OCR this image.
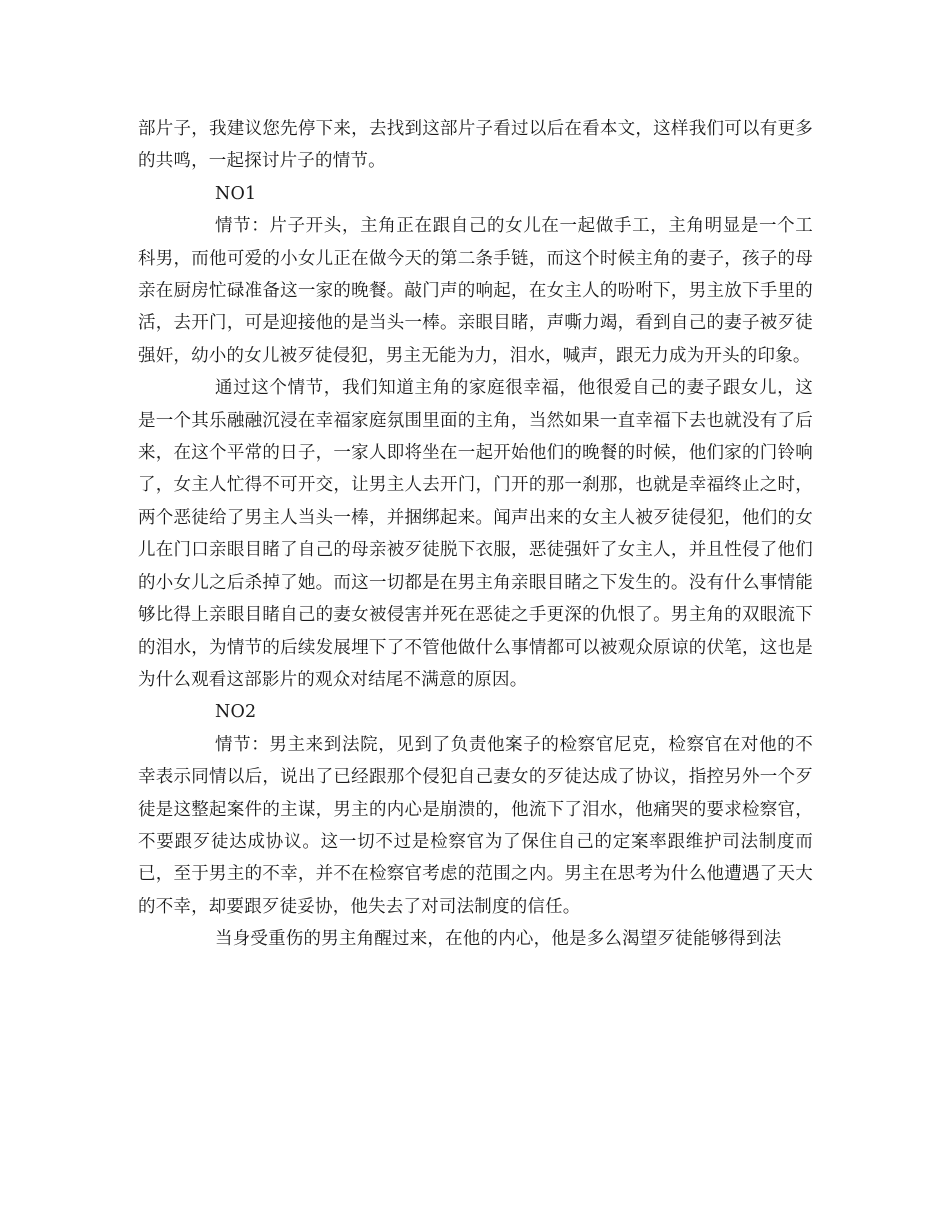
部片子，我建议您先停下来，去找到这部片子看过以后在看本文，这样我们可以有更多的共鸣，一起探讨片子的情节。

NO1

情节：片子开头，主角正在跟自己的女儿在一起做手工，主角明显是一个工科男，而他可爱的小女儿正在做今天的第二条手链，而这个时候主角的妻子，孩子的母亲在厨房忙碌准备这一家的晚餐。敲门声的响起，在女主人的吩咐下，男主放下手里的活，去开门，可是迎接他的是当头一棒。亲眼目睹，声嘶力竭，看到自己的妻子被歹徒强奸，幼小的女儿被歹徒侵犯，男主无能为力，泪水，喊声，跟无力成为开头的印象。

通过这个情节，我们知道主角的家庭很幸福，他很爱自己的妻子跟女儿，这是一个其乐融融沉浸在幸福家庭氛围里面的主角，当然如果一直幸福下去也就没有了后来，在这个平常的日子，一家人即将坐在一起开始他们的晚餐的时候，他们家的门铃响了，女主人忙得不可开交，让男主人去开门，门开的那一刹那，也就是幸福终止之时，两个恶徒给了男主人当头一棒，并捆绑起来。闻声出来的女主人被歹徒侵犯，他们的女儿在门口亲眼目睹了自己的母亲被歹徒脱下衣服，恶徒强奸了女主人，并且性侵了他们的小女儿之后杀掉了她。而这一切都是在男主角亲眼目睹之下发生的。没有什么事情能够比得上亲眼目睹自己的妻女被侵害并死在恶徒之手更深的仇恨了。男主角的双眼流下的泪水，为情节的后续发展埋下了不管他做什么事情都可以被观众原谅的伏笔，这也是为什么观看这部影片的观众对结尾不满意的原因。

NO2

情节：男主来到法院，见到了负责他案子的检察官尼克，检察官在对他的不幸表示同情以后，说出了已经跟那个侵犯自己妻女的歹徒达成了协议，指控另外一个歹徒是这整起案件的主谋，男主的内心是崩溃的，他流下了泪水，他痛哭的要求检察官，不要跟歹徒达成协议。这一切不过是检察官为了保住自己的定案率跟维护司法制度而已，至于男主的不幸，并不在检察官考虑的范围之内。男主在思考为什么他遭遇了天大的不幸，却要跟歹徒妥协，他失去了对司法制度的信任。

当身受重伤的男主角醒过来，在他的内心，他是多么渴望歹徒能够得到法
